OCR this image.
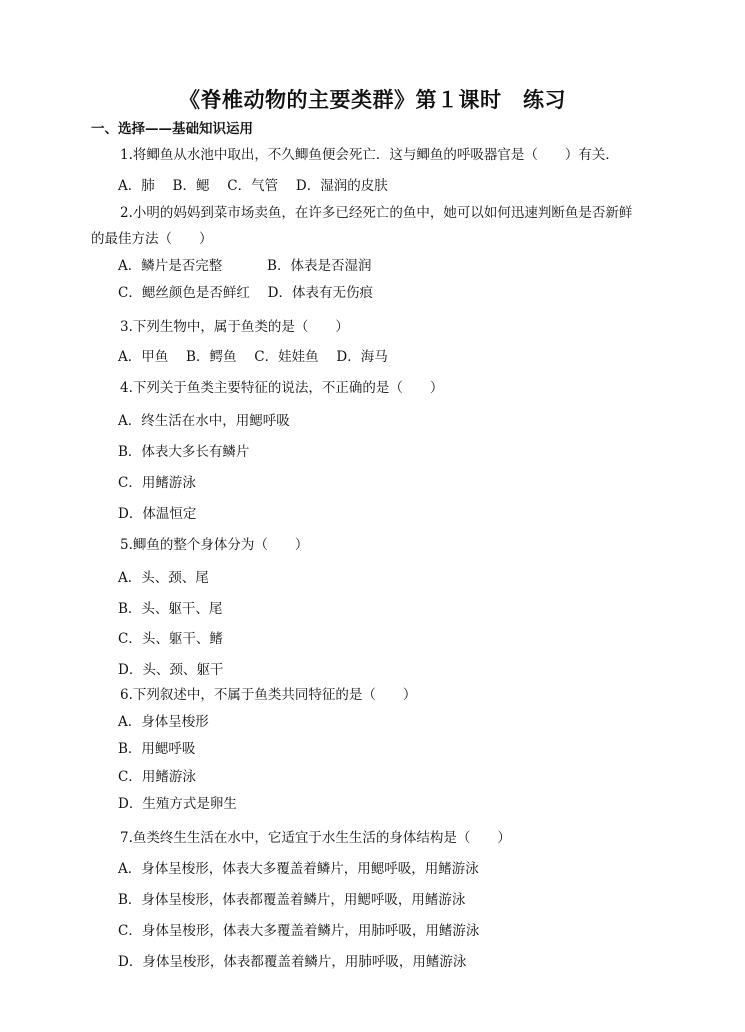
《脊椎动物的主要类群》第１课时　练习
一、选择——基础知识运用
1.将鲫鱼从水池中取出，不久鲫鱼便会死亡．这与鲫鱼的呼吸器官是（　　）有关．
A．肺　 B．鳃　 C．气管　 D．湿润的皮肤
2.小明的妈妈到菜市场卖鱼，在许多已经死亡的鱼中，她可以如何迅速判断鱼是否新鲜
的最佳方法（　　）
A．鳞片是否完整　　　 B．体表是否湿润
C．鳃丝颜色是否鲜红　 D．体表有无伤痕
3.下列生物中，属于鱼类的是（　　）
A．甲鱼　 B．鳄鱼　 C．娃娃鱼　 D．海马
4.下列关于鱼类主要特征的说法，不正确的是（　　）
A．终生活在水中，用鳃呼吸
B．体表大多长有鳞片
C．用鳍游泳
D．体温恒定
5.鲫鱼的整个身体分为（　　）
A．头、颈、尾
B．头、躯干、尾
C．头、躯干、鳍
D．头、颈、躯干
6.下列叙述中，不属于鱼类共同特征的是（　　）
A．身体呈梭形
B．用鳃呼吸
C．用鳍游泳
D．生殖方式是卵生
7.鱼类终生生活在水中，它适宜于水生生活的身体结构是（　　）
A．身体呈梭形，体表大多覆盖着鳞片，用鳃呼吸，用鳍游泳
B．身体呈梭形，体表都覆盖着鳞片，用鳃呼吸，用鳍游泳
C．身体呈梭形，体表大多覆盖着鳞片，用肺呼吸，用鳍游泳
D．身体呈梭形，体表都覆盖着鳞片，用肺呼吸，用鳍游泳
